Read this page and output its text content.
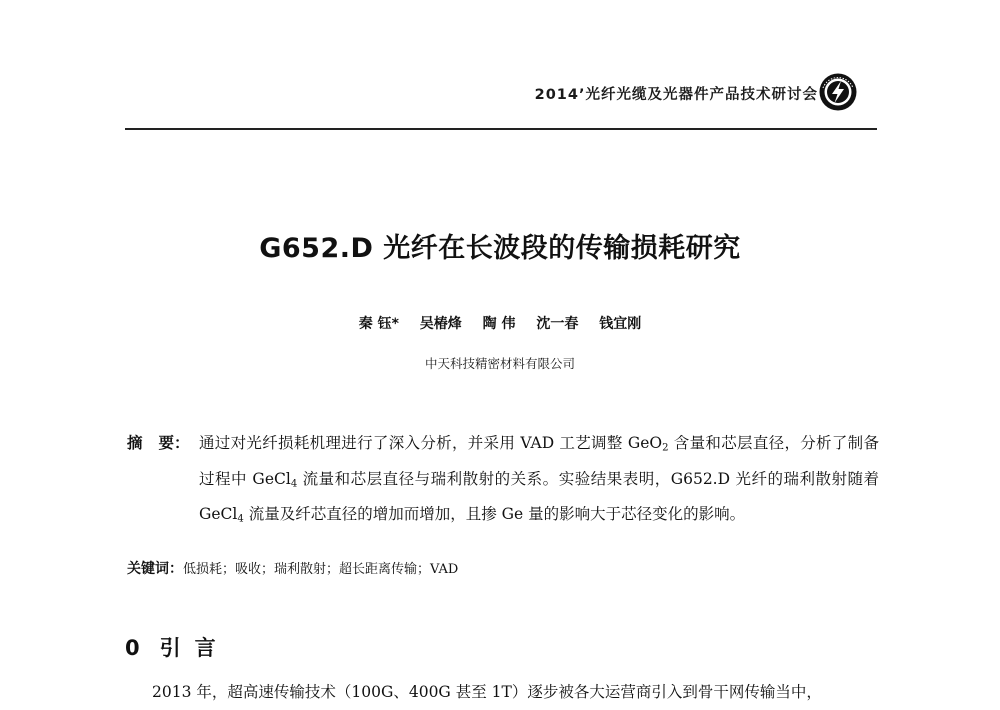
2014’光纤光缆及光器件产品技术研讨会
G652.D 光纤在长波段的传输损耗研究
秦 钰* 吴椿烽 陶 伟 沈一春 钱宜刚
中天科技精密材料有限公司
摘 要： 通过对光纤损耗机理进行了深入分析，并采用 VAD 工艺调整 GeO$_2$ 含量和芯层直径，分析了制备过程中 GeCl$_4$ 流量和芯层直径与瑞利散射的关系。实验结果表明，G652.D 光纤的瑞利散射随着 GeCl$_4$ 流量及纤芯直径的增加而增加，且掺 Ge 量的影响大于芯径变化的影响。
关键词：低损耗；吸收；瑞利散射；超长距离传输；VAD
0 引言
2013 年，超高速传输技术（100G、400G 甚至 1T）逐步被各大运营商引入到骨干网传输当中，
